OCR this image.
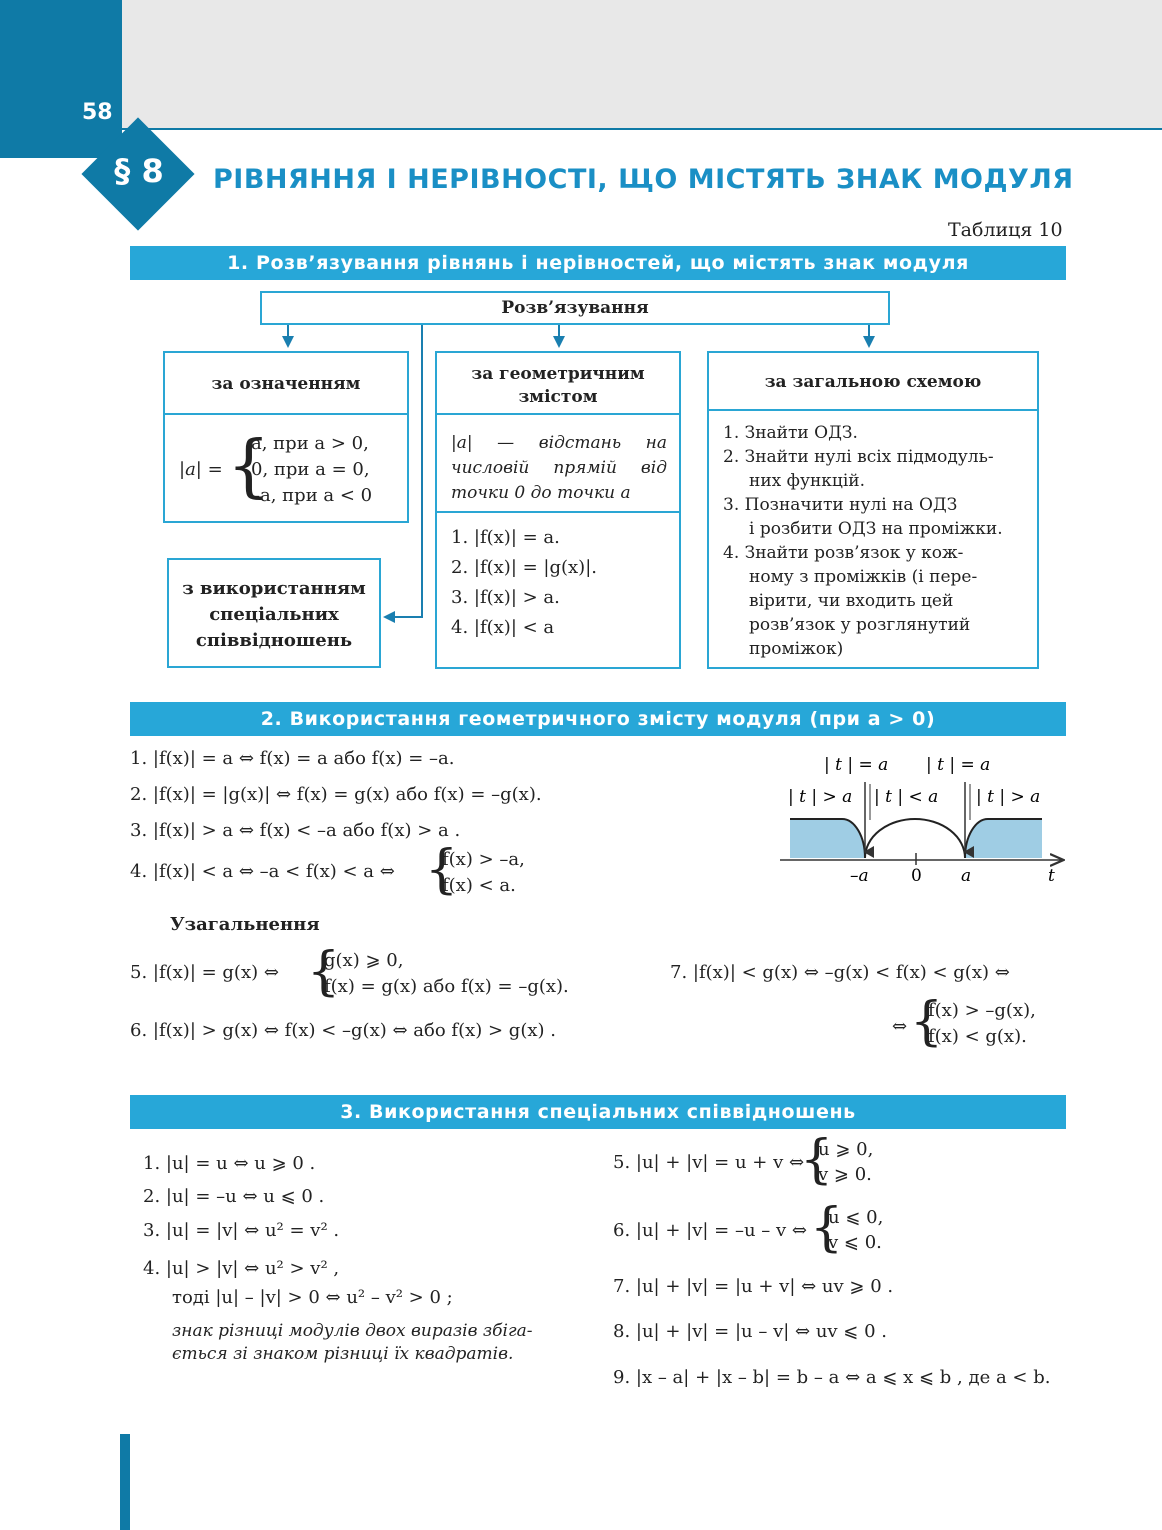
58
§ 8	РІВНЯННЯ І НЕРІВНОСТІ, ЩО МІСТЯТЬ ЗНАК МОДУЛЯ
Таблиця 10
1. Розв’язування рівнянь і нерівностей, що містять знак модуля
Розв’язування
за означенням
|a| = {
a, при a > 0,
0, при a = 0,
–a, при a < 0
з використанням
спеціальних
співвідношень
за геометричним змістом
|a| — відстань на числовій прямій від точки 0 до точки a
1. |f(x)| = a.
2. |f(x)| = |g(x)|.
3. |f(x)| > a.
4. |f(x)| < a
за загальною схемою
1. Знайти ОДЗ.
2. Знайти нулі всіх підмодуль-
них функцій.
3. Позначити нулі на ОДЗ
і розбити ОДЗ на проміжки.
4. Знайти розв’язок у кож-
ному з проміжків (і пере-
вірити, чи входить цей
розв’язок у розглянутий
проміжок)
2. Використання геометричного змісту модуля (при a > 0)
1. |f(x)| = a ⇔ f(x) = a або f(x) = –a.
2. |f(x)| = |g(x)| ⇔ f(x) = g(x) або f(x) = –g(x).
3. |f(x)| > a ⇔ f(x) < –a або f(x) > a .
4. |f(x)| < a ⇔ –a < f(x) < a ⇔ {
f(x) > –a,
f(x) < a.
Узагальнення
5. |f(x)| = g(x) ⇔ {
g(x) ⩾ 0,
f(x) = g(x) або f(x) = –g(x).
6. |f(x)| > g(x) ⇔ f(x) < –g(x) ⇔ або f(x) > g(x) .
7. |f(x)| < g(x) ⇔ –g(x) < f(x) < g(x) ⇔
⇔ {
f(x) > –g(x),
f(x) < g(x).
| t | = a | t | = a
| t | > a | t | < a | t | > a
–a 0 a	t
3. Використання спеціальних співвідношень
1. |u| = u ⇔ u ⩾ 0 .
2. |u| = –u ⇔ u ⩽ 0 .
3. |u| = |v| ⇔ u² = v² .
4. |u| > |v| ⇔ u² > v² ,
тоді |u| – |v| > 0 ⇔ u² – v² > 0 ;
знак різниці модулів двох виразів збіга-
ється зі знаком різниці їх квадратів.
5. |u| + |v| = u + v ⇔
{
u ⩾ 0,
v ⩾ 0.
6. |u| + |v| = –u – v ⇔ {
u ⩽ 0,
v ⩽ 0.
7. |u| + |v| = |u + v| ⇔ uv ⩾ 0 .
8. |u| + |v| = |u – v| ⇔ uv ⩽ 0 .
9. |x – a| + |x – b| = b – a ⇔ a ⩽ x ⩽ b , де a < b.
